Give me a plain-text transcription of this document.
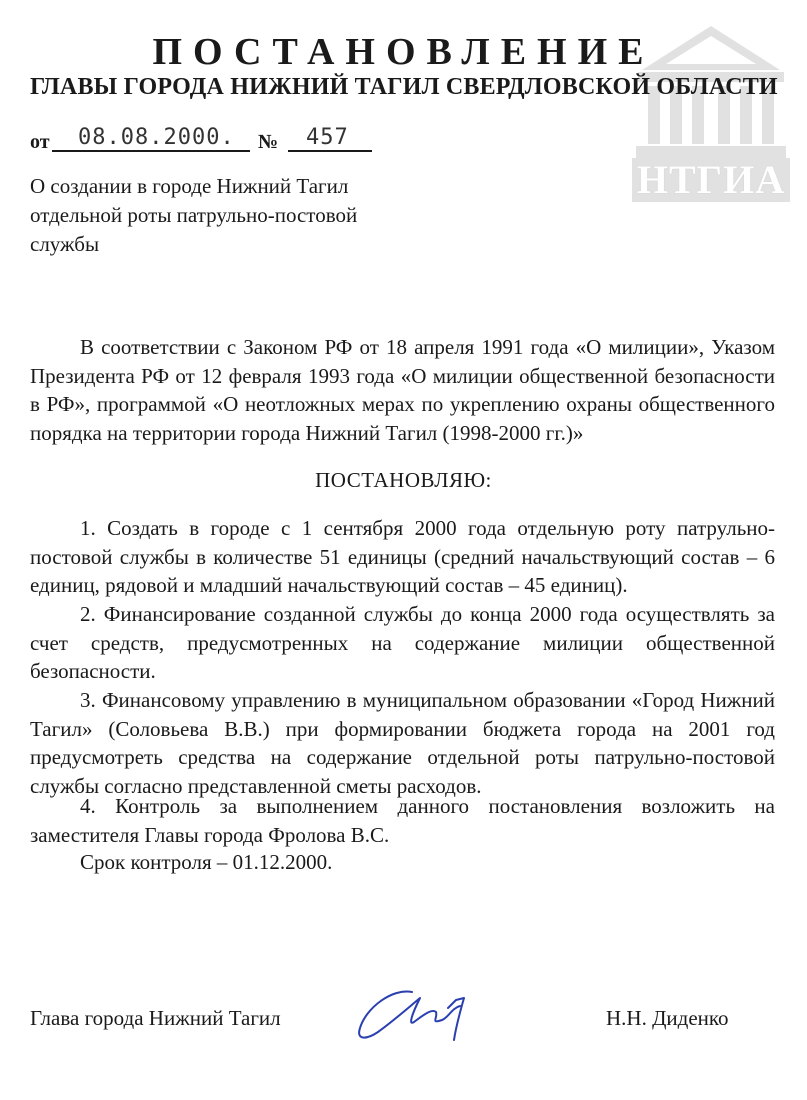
НТГИА
ПОСТАНОВЛЕНИЕ
ГЛАВЫ ГОРОДА НИЖНИЙ ТАГИЛ СВЕРДЛОВСКОЙ ОБЛАСТИ
от 08.08.2000. № 457
О создании в городе Нижний Тагил
отдельной роты патрульно-постовой
службы
В соответствии с Законом РФ от 18 апреля 1991 года «О милиции», Указом Президента РФ от 12 февраля 1993 года «О милиции общественной безопасности в РФ», программой «О неотложных мерах по укреплению охраны общественного порядка на территории города Нижний Тагил (1998-2000 гг.)»
ПОСТАНОВЛЯЮ:
1. Создать в городе с 1 сентября 2000 года отдельную роту патрульно-постовой службы в количестве 51 единицы (средний начальствующий состав – 6 единиц, рядовой и младший начальствующий состав – 45 единиц).
2. Финансирование созданной службы до конца 2000 года осуществлять за счет средств, предусмотренных на содержание милиции общественной безопасности.
3. Финансовому управлению в муниципальном образовании «Город Нижний Тагил» (Соловьева В.В.) при формировании бюджета города на 2001 год предусмотреть средства на содержание отдельной роты патрульно-постовой службы согласно представленной сметы расходов.
4. Контроль за выполнением данного постановления возложить на заместителя Главы города Фролова В.С.
Срок контроля – 01.12.2000.
Глава города Нижний Тагил	Н.Н. Диденко
